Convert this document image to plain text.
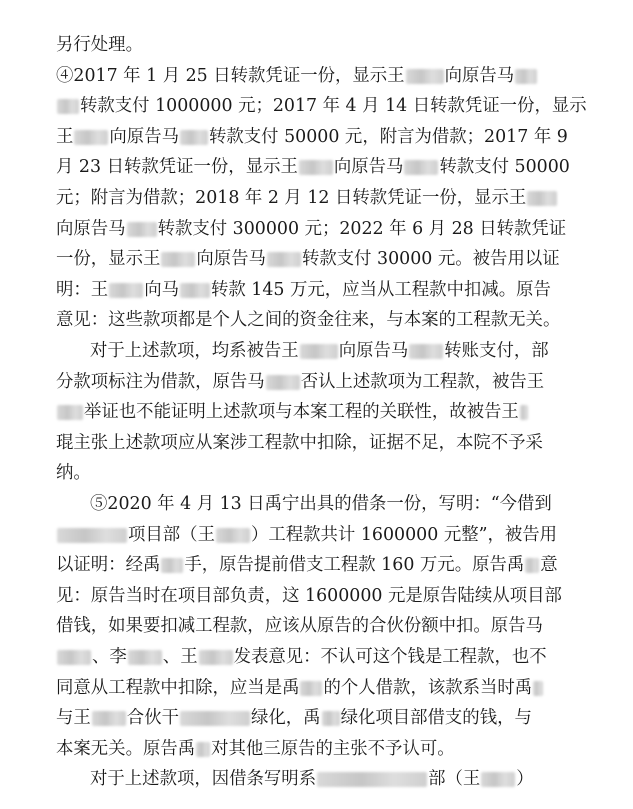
另行处理。
④2017 年 1 月 25 日转款凭证一份，显示王 向原告马
转款支付 1000000 元；2017 年 4 月 14 日转款凭证一份，显示
王 向原告马 转款支付 50000 元，附言为借款；2017 年 9
月 23 日转款凭证一份，显示王 向原告马 转款支付 50000
元；附言为借款；2018 年 2 月 12 日转款凭证一份，显示王
向原告马 转款支付 300000 元；2022 年 6 月 28 日转款凭证
一份，显示王 向原告马 转款支付 30000 元。被告用以证
明：王 向马 转款 145 万元，应当从工程款中扣减。原告
意见：这些款项都是个人之间的资金往来，与本案的工程款无关。
对于上述款项，均系被告王 向原告马 转账支付，部
分款项标注为借款，原告马 否认上述款项为工程款，被告王
举证也不能证明上述款项与本案工程的关联性，故被告王
琨主张上述款项应从案涉工程款中扣除，证据不足，本院不予采
纳。
⑤2020 年 4 月 13 日禹宁出具的借条一份，写明：“今借到
项目部（王 ）工程款共计 1600000 元整”，被告用
以证明：经禹 手，原告提前借支工程款 160 万元。原告禹 意
见：原告当时在项目部负责，这 1600000 元是原告陆续从项目部
借钱，如果要扣减工程款，应该从原告的合伙份额中扣。原告马
、李 、王 发表意见：不认可这个钱是工程款，也不
同意从工程款中扣除，应当是禹 的个人借款，该款系当时禹
与王 合伙干	绿化，禹 绿化项目部借支的钱，与
本案无关。原告禹 对其他三原告的主张不予认可。
对于上述款项，因借条写明系	部（王 ）
